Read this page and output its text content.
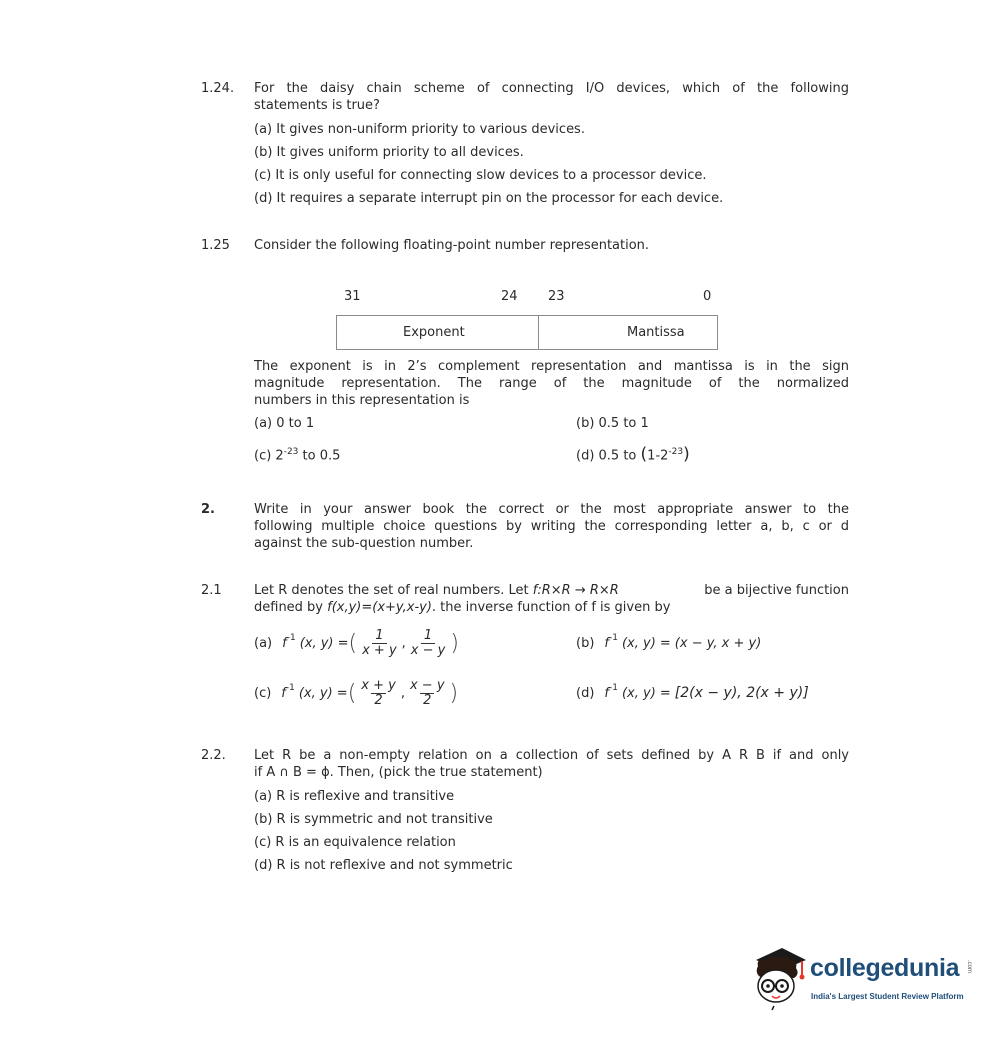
1.24. For the daisy chain scheme of connecting I/O devices, which of the following
statements is true?
(a) It gives non-uniform priority to various devices.
(b) It gives uniform priority to all devices.
(c) It is only useful for connecting slow devices to a processor device.
(d) It requires a separate interrupt pin on the processor for each device.
1.25 Consider the following floating-point number representation.
31	24 23	0
Exponent	Mantissa
The exponent is in 2’s complement representation and mantissa is in the sign
magnitude representation. The range of the magnitude of the normalized
numbers in this representation is
(a) 0 to 1	(b) 0.5 to 1
(c) $2^{-23}$ to 0.5	(d) 0.5 to $(1-2^{-23})$
2.	Write in your answer book the correct or the most appropriate answer to the
following multiple choice questions by writing the corresponding letter a, b, c or d
against the sub-question number.
2.1 Let R denotes the set of real numbers. Let f:R×R → R×R	be a bijective function
defined by f(x,y)=(x+y,x-y). the inverse function of f is given by
(a) f -1 (x, y) = ( $\frac{1}{x + y}$ , $\frac{1}{x - y}$ )	(b) f -1 (x, y) = (x − y, x + y)
(c) f -1 (x, y) = ( $\frac{x + y}{2}$ , $\frac{x - y}{2}$ )	(d) f -1 (x, y) = [2(x − y), 2(x + y)]
2.2. Let R be a non-empty relation on a collection of sets defined by A R B if and only
if A ∩ B = ϕ. Then, (pick the true statement)
(a) R is reflexive and transitive
(b) R is symmetric and not transitive
(c) R is an equivalence relation
(d) R is not reflexive and not symmetric
collegedunia .com
India's Largest Student Review Platform
